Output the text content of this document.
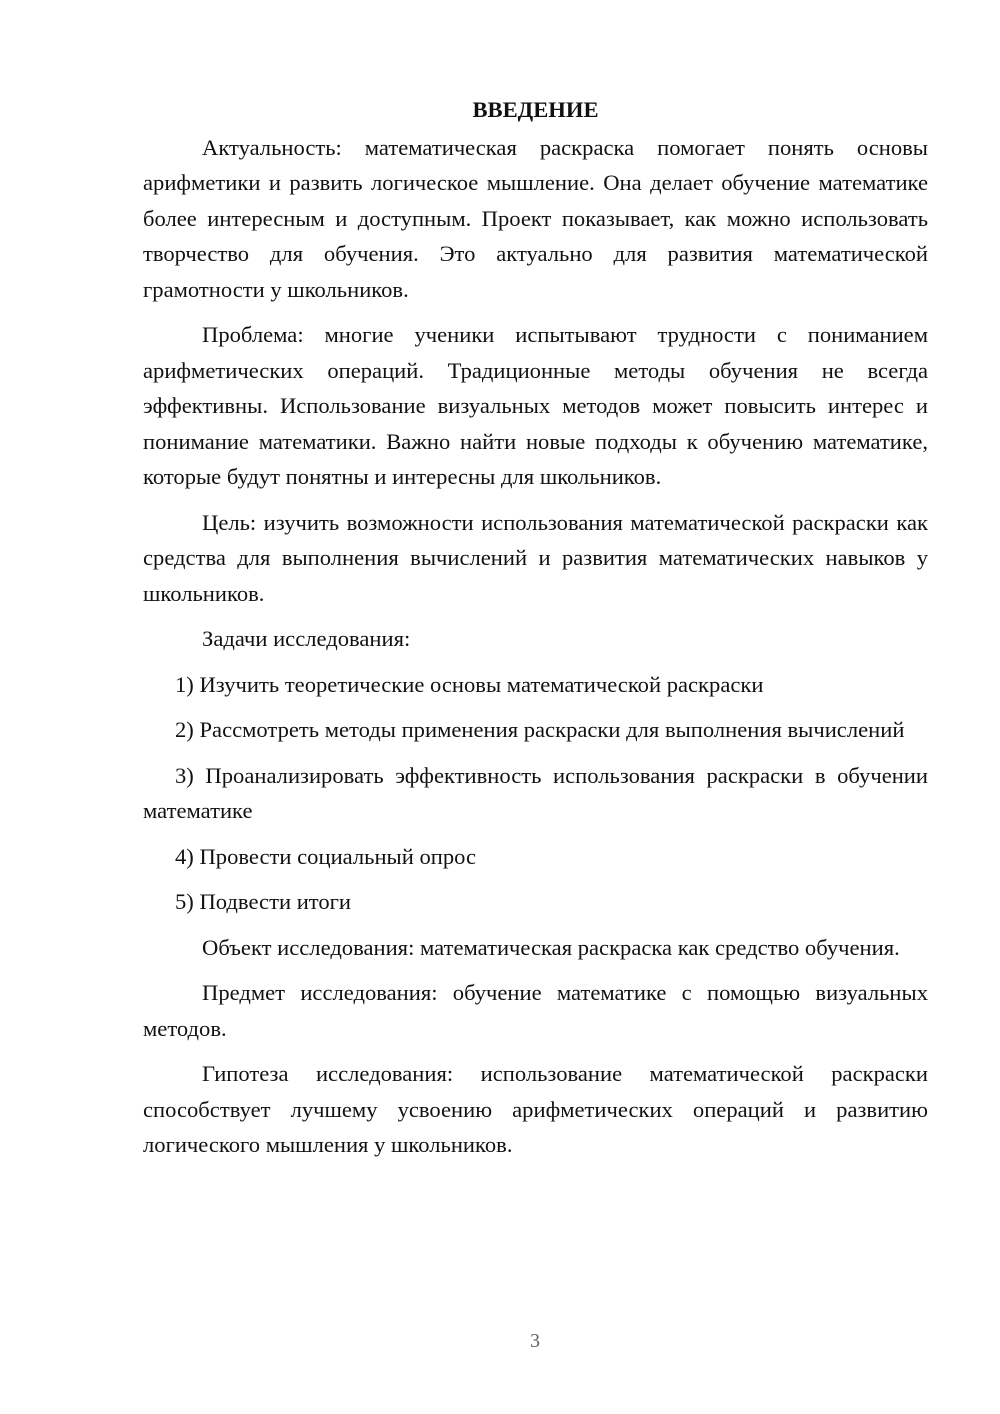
ВВЕДЕНИЕ

Актуальность: математическая раскраска помогает понять основы арифметики и развить логическое мышление. Она делает обучение математике более интересным и доступным. Проект показывает, как можно использовать творчество для обучения. Это актуально для развития математической грамотности у школьников.

Проблема: многие ученики испытывают трудности с пониманием арифметических операций. Традиционные методы обучения не всегда эффективны. Использование визуальных методов может повысить интерес и понимание математики. Важно найти новые подходы к обучению математике, которые будут понятны и интересны для школьников.

Цель: изучить возможности использования математической раскраски как средства для выполнения вычислений и развития математических навыков у школьников.

Задачи исследования:

1) Изучить теоретические основы математической раскраски

2) Рассмотреть методы применения раскраски для выполнения вычислений

3) Проанализировать эффективность использования раскраски в обучении математике

4) Провести социальный опрос

5) Подвести итоги

Объект исследования: математическая раскраска как средство обучения.

Предмет исследования: обучение математике с помощью визуальных методов.

Гипотеза исследования: использование математической раскраски способствует лучшему усвоению арифметических операций и развитию логического мышления у школьников.

3
